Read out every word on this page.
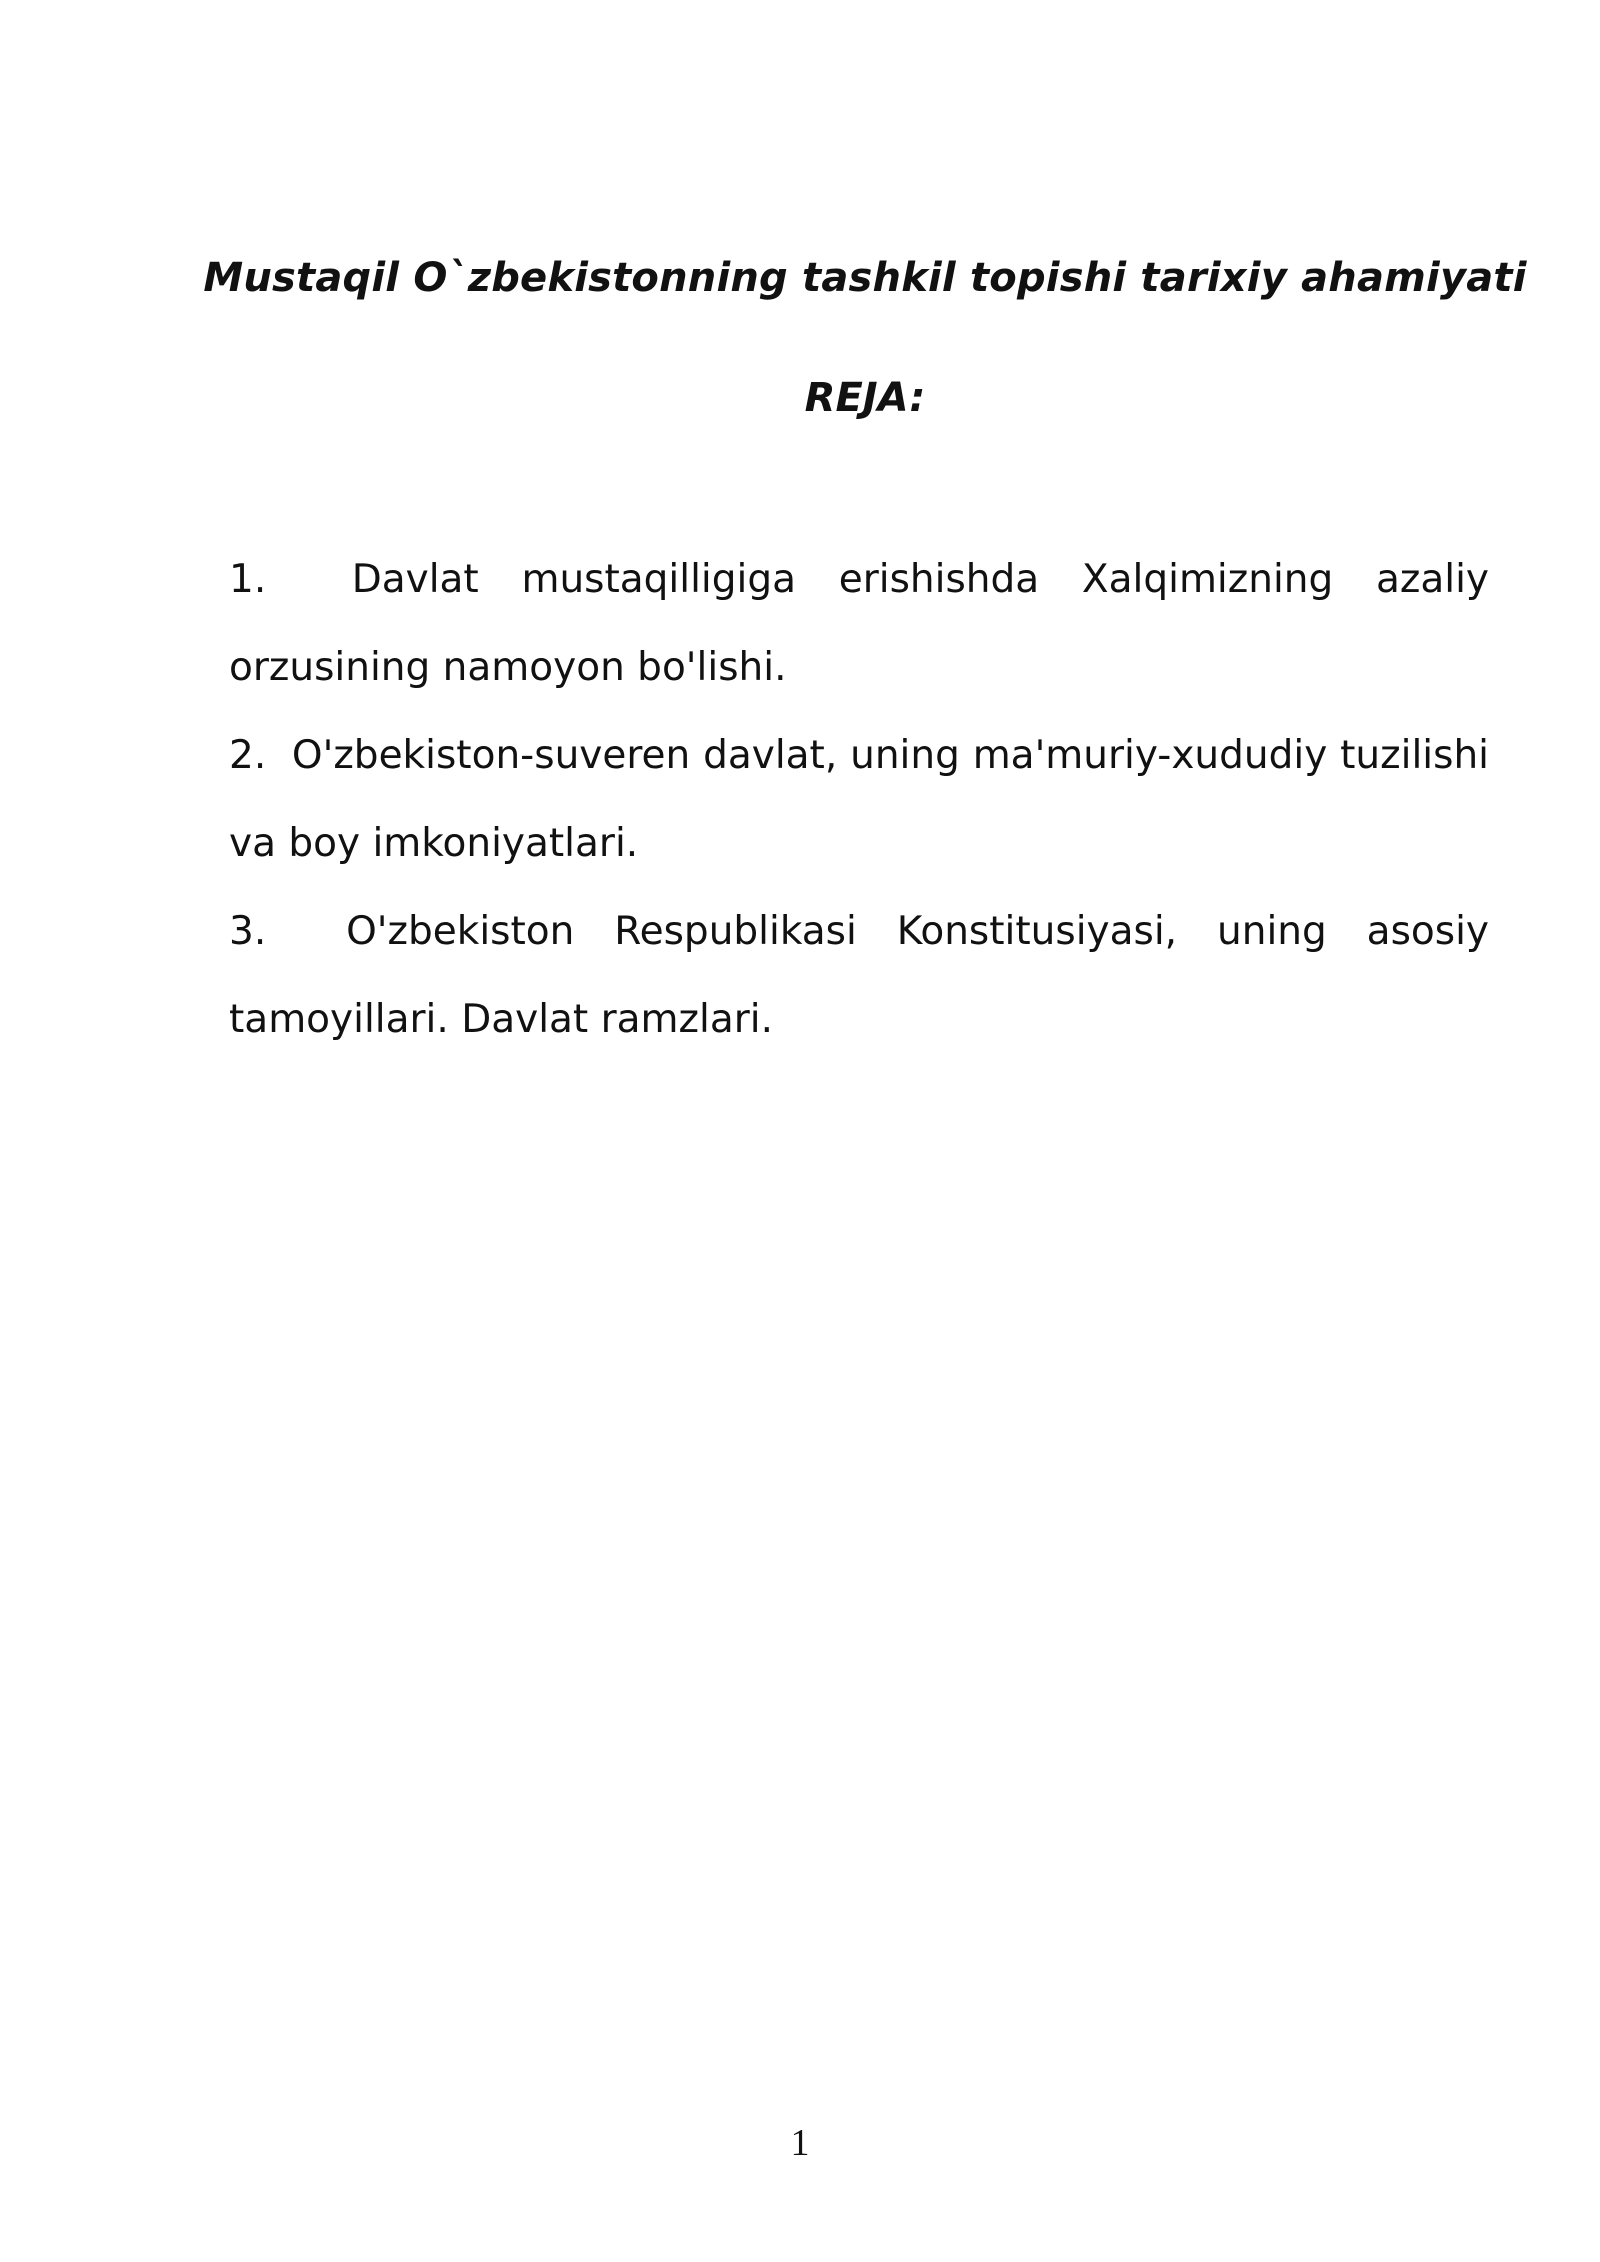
Mustaqil O`zbekistonning tashkil topishi tarixiy ahamiyati
REJA:
1. Davlat mustaqilligiga erishishda Xalqimizning azaliy orzusining namoyon bo'lishi.
2. O'zbekiston-suveren davlat, uning ma'muriy-xududiy tuzilishi va boy imkoniyatlari.
3. O'zbekiston Respublikasi Konstitusiyasi, uning asosiy tamoyillari. Davlat ramzlari.
1
